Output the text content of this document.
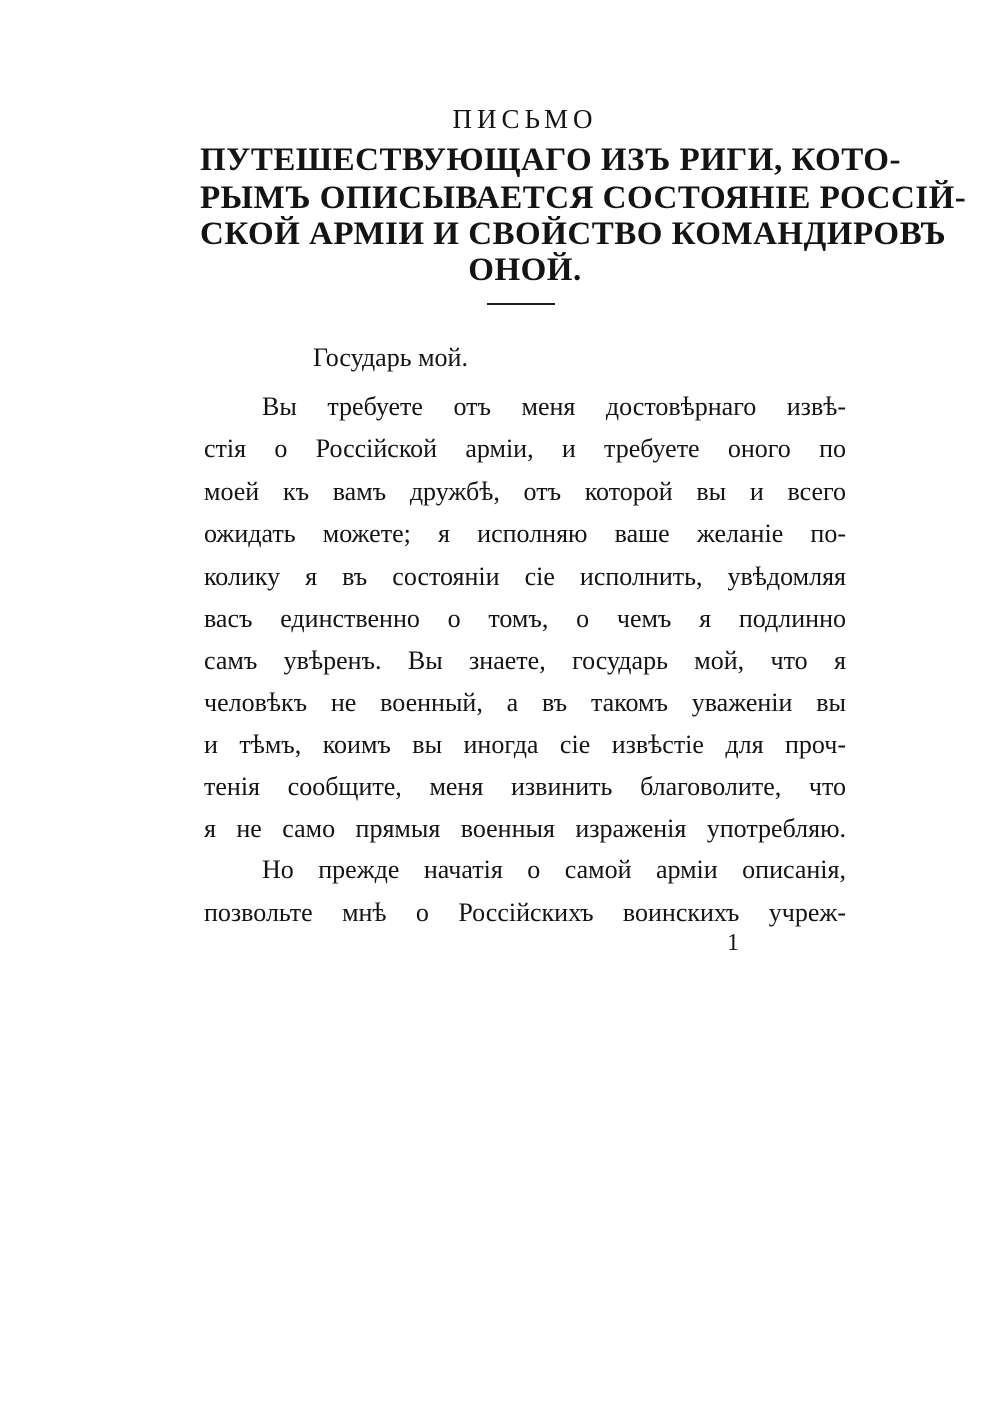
ПИСЬМО
ПУТЕШЕСТВУЮЩАГО ИЗЪ РИГИ, КОТО-
РЫМЪ ОПИСЫВАЕТСЯ СОСТОЯНІЕ РОССІЙ-
СКОЙ АРМІИ И СВОЙСТВО КОМАНДИРОВЪ
ОНОЙ.
Государь мой.
Вы требуете отъ меня достовѣрнаго извѣ-
стія о Россійской арміи, и требуете оного по
моей къ вамъ дружбѣ, отъ которой вы и всего
ожидать можете; я исполняю ваше желаніе по-
колику я въ состояніи сіе исполнить, увѣдомляя
васъ единственно о томъ, о чемъ я подлинно
самъ увѣренъ. Вы знаете, государь мой, что я
человѣкъ не военный, а въ такомъ уваженіи вы
и тѣмъ, коимъ вы иногда сіе извѣстіе для проч-
тенія сообщите, меня извинить благоволите, что
я не само прямыя военныя израженія употребляю.
Но прежде начатія о самой арміи описанія,
позвольте мнѣ о Россійскихъ воинскихъ учреж-
1
